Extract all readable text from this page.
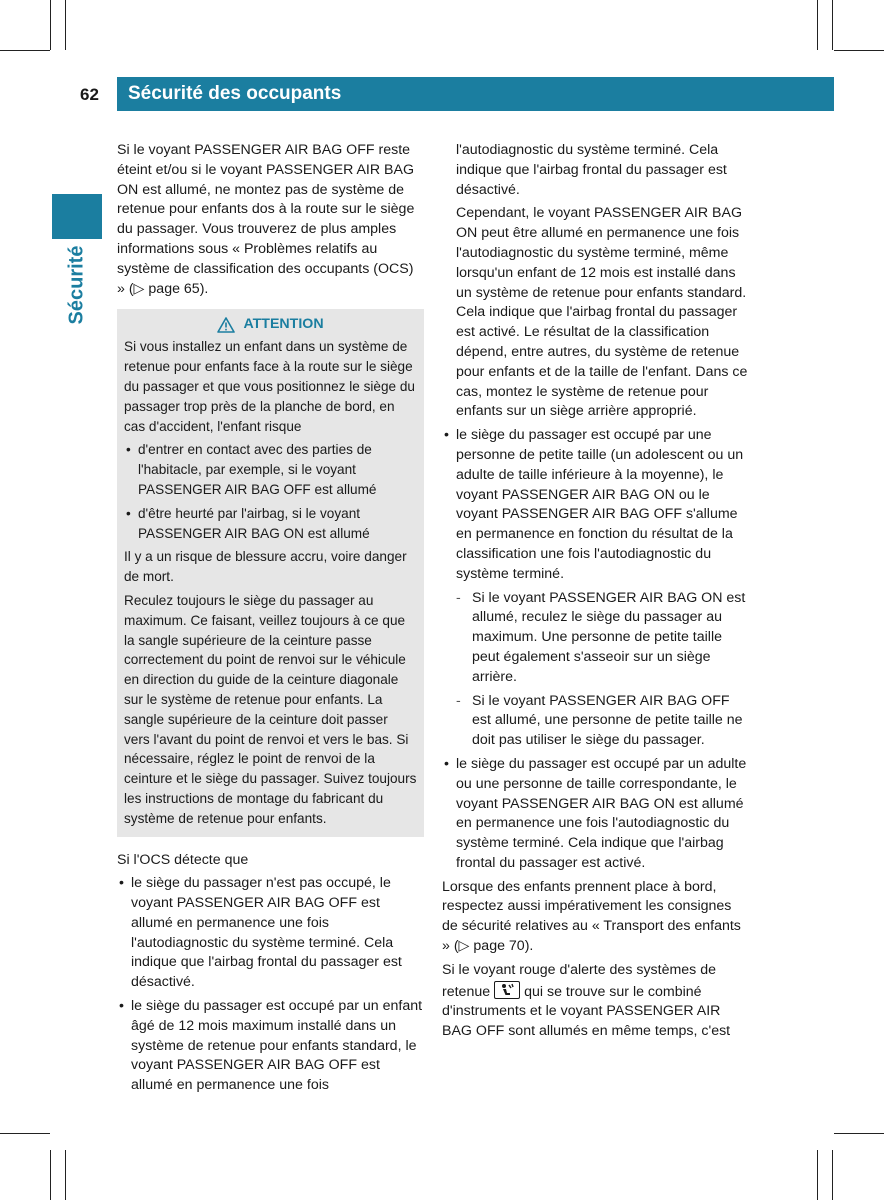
62 Sécurité des occupants
Sécurité

Si le voyant PASSENGER AIR BAG OFF reste éteint et/ou si le voyant PASSENGER AIR BAG ON est allumé, ne montez pas de système de retenue pour enfants dos à la route sur le siège du passager. Vous trouverez de plus amples informations sous « Problèmes relatifs au système de classification des occupants (OCS) » (▷ page 65).

ATTENTION

Si vous installez un enfant dans un système de retenue pour enfants face à la route sur le siège du passager et que vous positionnez le siège du passager trop près de la planche de bord, en cas d'accident, l'enfant risque

• d'entrer en contact avec des parties de l'habitacle, par exemple, si le voyant PASSENGER AIR BAG OFF est allumé

• d'être heurté par l'airbag, si le voyant PASSENGER AIR BAG ON est allumé

Il y a un risque de blessure accru, voire danger de mort.

Reculez toujours le siège du passager au maximum. Ce faisant, veillez toujours à ce que la sangle supérieure de la ceinture passe correctement du point de renvoi sur le véhicule en direction du guide de la ceinture diagonale sur le système de retenue pour enfants. La sangle supérieure de la ceinture doit passer vers l'avant du point de renvoi et vers le bas. Si nécessaire, réglez le point de renvoi de la ceinture et le siège du passager. Suivez toujours les instructions de montage du fabricant du système de retenue pour enfants.

Si l'OCS détecte que

• le siège du passager n'est pas occupé, le voyant PASSENGER AIR BAG OFF est allumé en permanence une fois l'autodiagnostic du système terminé. Cela indique que l'airbag frontal du passager est désactivé.

• le siège du passager est occupé par un enfant âgé de 12 mois maximum installé dans un système de retenue pour enfants standard, le voyant PASSENGER AIR BAG OFF est allumé en permanence une fois

l'autodiagnostic du système terminé. Cela indique que l'airbag frontal du passager est désactivé.

Cependant, le voyant PASSENGER AIR BAG ON peut être allumé en permanence une fois l'autodiagnostic du système terminé, même lorsqu'un enfant de 12 mois est installé dans un système de retenue pour enfants standard. Cela indique que l'airbag frontal du passager est activé. Le résultat de la classification dépend, entre autres, du système de retenue pour enfants et de la taille de l'enfant. Dans ce cas, montez le système de retenue pour enfants sur un siège arrière approprié.

• le siège du passager est occupé par une personne de petite taille (un adolescent ou un adulte de taille inférieure à la moyenne), le voyant PASSENGER AIR BAG ON ou le voyant PASSENGER AIR BAG OFF s'allume en permanence en fonction du résultat de la classification une fois l'autodiagnostic du système terminé.

- Si le voyant PASSENGER AIR BAG ON est allumé, reculez le siège du passager au maximum. Une personne de petite taille peut également s'asseoir sur un siège arrière.

- Si le voyant PASSENGER AIR BAG OFF est allumé, une personne de petite taille ne doit pas utiliser le siège du passager.

• le siège du passager est occupé par un adulte ou une personne de taille correspondante, le voyant PASSENGER AIR BAG ON est allumé en permanence une fois l'autodiagnostic du système terminé. Cela indique que l'airbag frontal du passager est activé.

Lorsque des enfants prennent place à bord, respectez aussi impérativement les consignes de sécurité relatives au « Transport des enfants » (▷ page 70).

Si le voyant rouge d'alerte des systèmes de retenue qui se trouve sur le combiné d'instruments et le voyant PASSENGER AIR BAG OFF sont allumés en même temps, c'est
